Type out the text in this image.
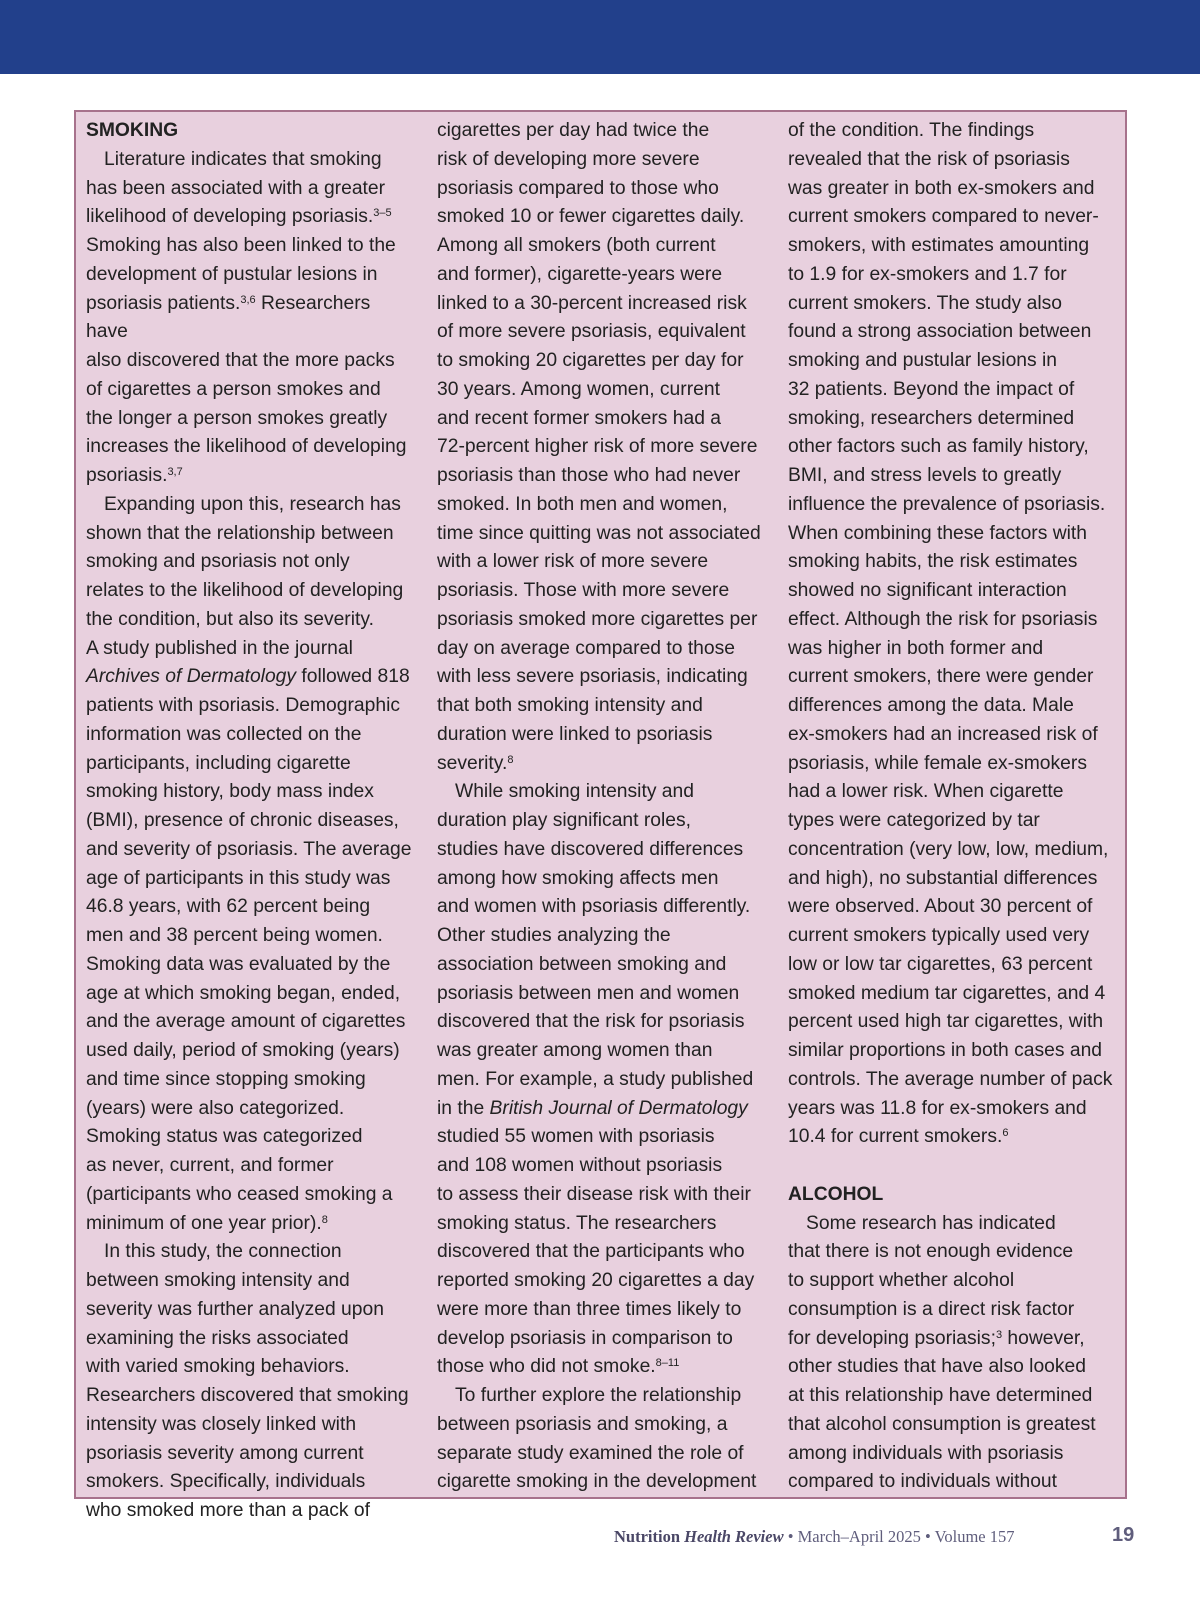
SMOKING

Literature indicates that smoking

has been associated with a greater

likelihood of developing psoriasis.$^{3-5}$

Smoking has also been linked to the

development of pustular lesions in

psoriasis patients.$^{3,6}$ Researchers have

also discovered that the more packs

of cigarettes a person smokes and

the longer a person smokes greatly

increases the likelihood of developing

psoriasis.$^{3,7}$

Expanding upon this, research has

shown that the relationship between

smoking and psoriasis not only

relates to the likelihood of developing

the condition, but also its severity.

A study published in the journal

Archives of Dermatology followed 818

patients with psoriasis. Demographic

information was collected on the

participants, including cigarette

smoking history, body mass index

(BMI), presence of chronic diseases,

and severity of psoriasis. The average

age of participants in this study was

46.8 years, with 62 percent being

men and 38 percent being women.

Smoking data was evaluated by the

age at which smoking began, ended,

and the average amount of cigarettes

used daily, period of smoking (years)

and time since stopping smoking

(years) were also categorized.

Smoking status was categorized

as never, current, and former

(participants who ceased smoking a

minimum of one year prior).$^8$

In this study, the connection

between smoking intensity and

severity was further analyzed upon

examining the risks associated

with varied smoking behaviors.

Researchers discovered that smoking

intensity was closely linked with

psoriasis severity among current

smokers. Specifically, individuals

who smoked more than a pack of

cigarettes per day had twice the

risk of developing more severe

psoriasis compared to those who

smoked 10 or fewer cigarettes daily.

Among all smokers (both current

and former), cigarette-years were

linked to a 30-percent increased risk

of more severe psoriasis, equivalent

to smoking 20 cigarettes per day for

30 years. Among women, current

and recent former smokers had a

72-percent higher risk of more severe

psoriasis than those who had never

smoked. In both men and women,

time since quitting was not associated

with a lower risk of more severe

psoriasis. Those with more severe

psoriasis smoked more cigarettes per

day on average compared to those

with less severe psoriasis, indicating

that both smoking intensity and

duration were linked to psoriasis

severity.$^8$

While smoking intensity and

duration play significant roles,

studies have discovered differences

among how smoking affects men

and women with psoriasis differently.

Other studies analyzing the

association between smoking and

psoriasis between men and women

discovered that the risk for psoriasis

was greater among women than

men. For example, a study published

in the British Journal of Dermatology

studied 55 women with psoriasis

and 108 women without psoriasis

to assess their disease risk with their

smoking status. The researchers

discovered that the participants who

reported smoking 20 cigarettes a day

were more than three times likely to

develop psoriasis in comparison to

those who did not smoke.$^{8-11}$

To further explore the relationship

between psoriasis and smoking, a

separate study examined the role of

cigarette smoking in the development

of the condition. The findings

revealed that the risk of psoriasis

was greater in both ex-smokers and

current smokers compared to never-

smokers, with estimates amounting

to 1.9 for ex-smokers and 1.7 for

current smokers. The study also

found a strong association between

smoking and pustular lesions in

32 patients. Beyond the impact of

smoking, researchers determined

other factors such as family history,

BMI, and stress levels to greatly

influence the prevalence of psoriasis.

When combining these factors with

smoking habits, the risk estimates

showed no significant interaction

effect. Although the risk for psoriasis

was higher in both former and

current smokers, there were gender

differences among the data. Male

ex-smokers had an increased risk of

psoriasis, while female ex-smokers

had a lower risk. When cigarette

types were categorized by tar

concentration (very low, low, medium,

and high), no substantial differences

were observed. About 30 percent of

current smokers typically used very

low or low tar cigarettes, 63 percent

smoked medium tar cigarettes, and 4

percent used high tar cigarettes, with

similar proportions in both cases and

controls. The average number of pack

years was 11.8 for ex-smokers and

10.4 for current smokers.$^6$

ALCOHOL

Some research has indicated

that there is not enough evidence

to support whether alcohol

consumption is a direct risk factor

for developing psoriasis;$^3$ however,

other studies that have also looked

at this relationship have determined

that alcohol consumption is greatest

among individuals with psoriasis

compared to individuals without

Nutrition Health Review • March–April 2025 • Volume 157	19
